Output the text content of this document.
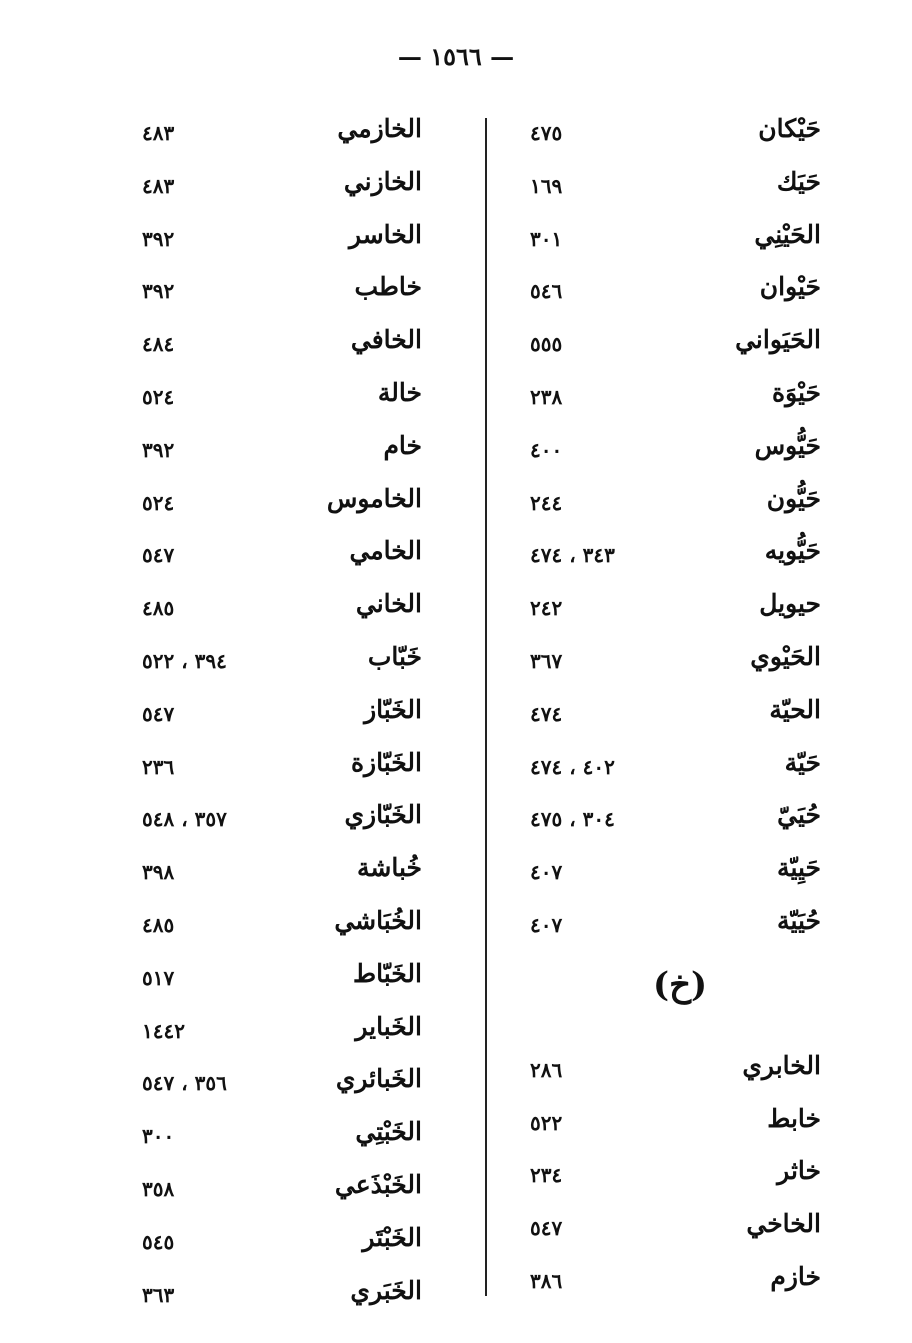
— ١٥٦٦ —
حَيْكان
٤٧٥
حَيَك
١٦٩
الحَيْنِي
٣٠١
حَيْوان
٥٤٦
الحَيَواني
٥٥٥
حَيْوَة
٢٣٨
حَيُّوس
٤٠٠
حَيُّون
٢٤٤
حَيُّويه
٣٤٣ ، ٤٧٤
حيويل
٢٤٢
الحَيْوي
٣٦٧
الحيّة
٤٧٤
حَيّة
٤٠٢ ، ٤٧٤
حُيَيّ
٣٠٤ ، ٤٧٥
حَيِيّة
٤٠٧
حُيَيّة
٤٠٧
(خ)
الخابري
٢٨٦
خابط
٥٢٢
خاثر
٢٣٤
الخاخي
٥٤٧
خازم
٣٨٦
الخازمي
٤٨٣
الخازني
٤٨٣
الخاسر
٣٩٢
خاطب
٣٩٢
الخافي
٤٨٤
خالة
٥٢٤
خام
٣٩٢
الخاموس
٥٢٤
الخامي
٥٤٧
الخاني
٤٨٥
خَبّاب
٣٩٤ ، ٥٢٢
الخَبّاز
٥٤٧
الخَبّازة
٢٣٦
الخَبّازي
٣٥٧ ، ٥٤٨
خُباشة
٣٩٨
الخُبَاشي
٤٨٥
الخَبّاط
٥١٧
الخَباير
١٤٤٢
الخَبائري
٣٥٦ ، ٥٤٧
الخَبْتِي
٣٠٠
الخَبْذَعي
٣٥٨
الخَبْتَر
٥٤٥
الخَبَري
٣٦٣
